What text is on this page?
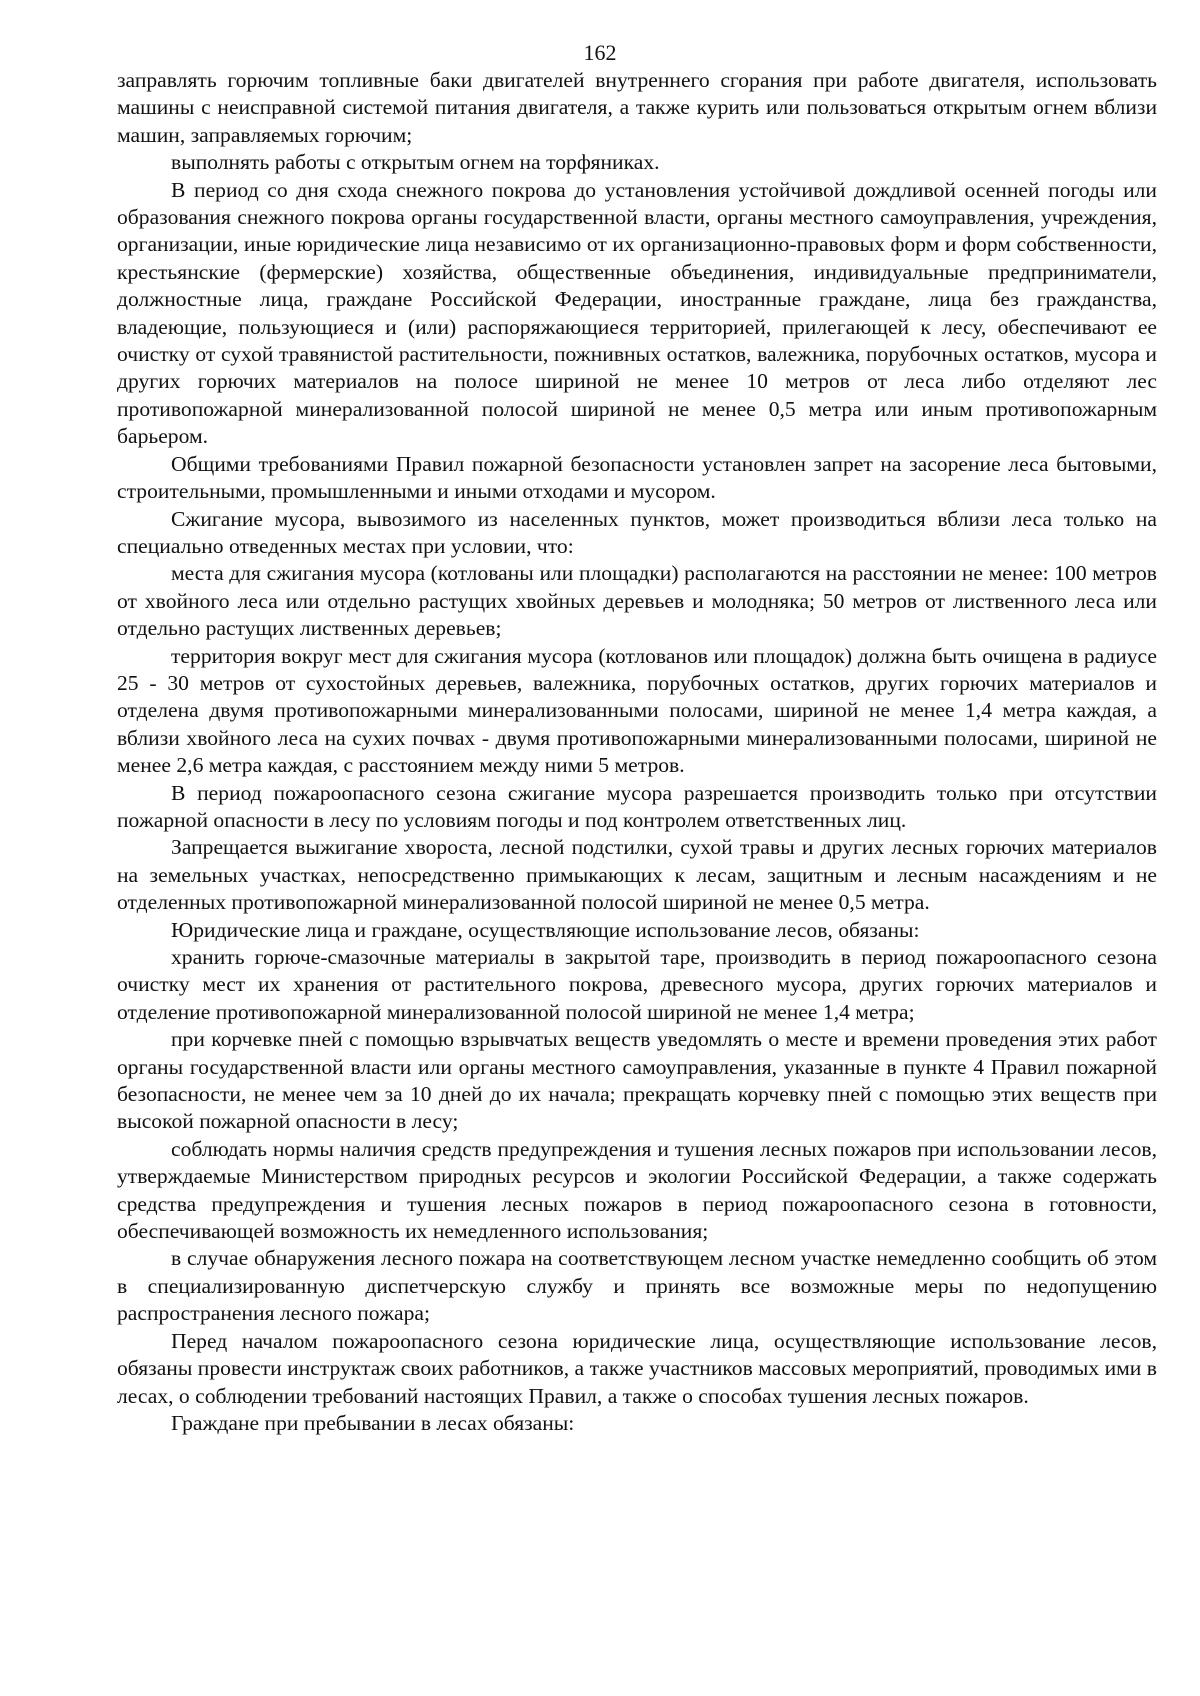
162

заправлять горючим топливные баки двигателей внутреннего сгорания при работе двигателя, использовать машины с неисправной системой питания двигателя, а также курить или пользоваться открытым огнем вблизи машин, заправляемых горючим;

выполнять работы с открытым огнем на торфяниках.

В период со дня схода снежного покрова до установления устойчивой дождливой осенней погоды или образования снежного покрова органы государственной власти, органы местного самоуправления, учреждения, организации, иные юридические лица независимо от их организационно-правовых форм и форм собственности, крестьянские (фермерские) хозяйства, общественные объединения, индивидуальные предприниматели, должностные лица, граждане Российской Федерации, иностранные граждане, лица без гражданства, владеющие, пользующиеся и (или) распоряжающиеся территорией, прилегающей к лесу, обеспечивают ее очистку от сухой травянистой растительности, пожнивных остатков, валежника, порубочных остатков, мусора и других горючих материалов на полосе шириной не менее 10 метров от леса либо отделяют лес противопожарной минерализованной полосой шириной не менее 0,5 метра или иным противопожарным барьером.

Общими требованиями Правил пожарной безопасности установлен запрет на засорение леса бытовыми, строительными, промышленными и иными отходами и мусором.

Сжигание мусора, вывозимого из населенных пунктов, может производиться вблизи леса только на специально отведенных местах при условии, что:

места для сжигания мусора (котлованы или площадки) располагаются на расстоянии не менее: 100 метров от хвойного леса или отдельно растущих хвойных деревьев и молодняка; 50 метров от лиственного леса или отдельно растущих лиственных деревьев;

территория вокруг мест для сжигания мусора (котлованов или площадок) должна быть очищена в радиусе 25 - 30 метров от сухостойных деревьев, валежника, порубочных остатков, других горючих материалов и отделена двумя противопожарными минерализованными полосами, шириной не менее 1,4 метра каждая, а вблизи хвойного леса на сухих почвах - двумя противопожарными минерализованными полосами, шириной не менее 2,6 метра каждая, с расстоянием между ними 5 метров.

В период пожароопасного сезона сжигание мусора разрешается производить только при отсутствии пожарной опасности в лесу по условиям погоды и под контролем ответственных лиц.

Запрещается выжигание хвороста, лесной подстилки, сухой травы и других лесных горючих материалов на земельных участках, непосредственно примыкающих к лесам, защитным и лесным насаждениям и не отделенных противопожарной минерализованной полосой шириной не менее 0,5 метра.

Юридические лица и граждане, осуществляющие использование лесов, обязаны:

хранить горюче-смазочные материалы в закрытой таре, производить в период пожароопасного сезона очистку мест их хранения от растительного покрова, древесного мусора, других горючих материалов и отделение противопожарной минерализованной полосой шириной не менее 1,4 метра;

при корчевке пней с помощью взрывчатых веществ уведомлять о месте и времени проведения этих работ органы государственной власти или органы местного самоуправления, указанные в пункте 4 Правил пожарной безопасности, не менее чем за 10 дней до их начала; прекращать корчевку пней с помощью этих веществ при высокой пожарной опасности в лесу;

соблюдать нормы наличия средств предупреждения и тушения лесных пожаров при использовании лесов, утверждаемые Министерством природных ресурсов и экологии Российской Федерации, а также содержать средства предупреждения и тушения лесных пожаров в период пожароопасного сезона в готовности, обеспечивающей возможность их немедленного использования;

в случае обнаружения лесного пожара на соответствующем лесном участке немедленно сообщить об этом в специализированную диспетчерскую службу и принять все возможные меры по недопущению распространения лесного пожара;

Перед началом пожароопасного сезона юридические лица, осуществляющие использование лесов, обязаны провести инструктаж своих работников, а также участников массовых мероприятий, проводимых ими в лесах, о соблюдении требований настоящих Правил, а также о способах тушения лесных пожаров.

Граждане при пребывании в лесах обязаны:
